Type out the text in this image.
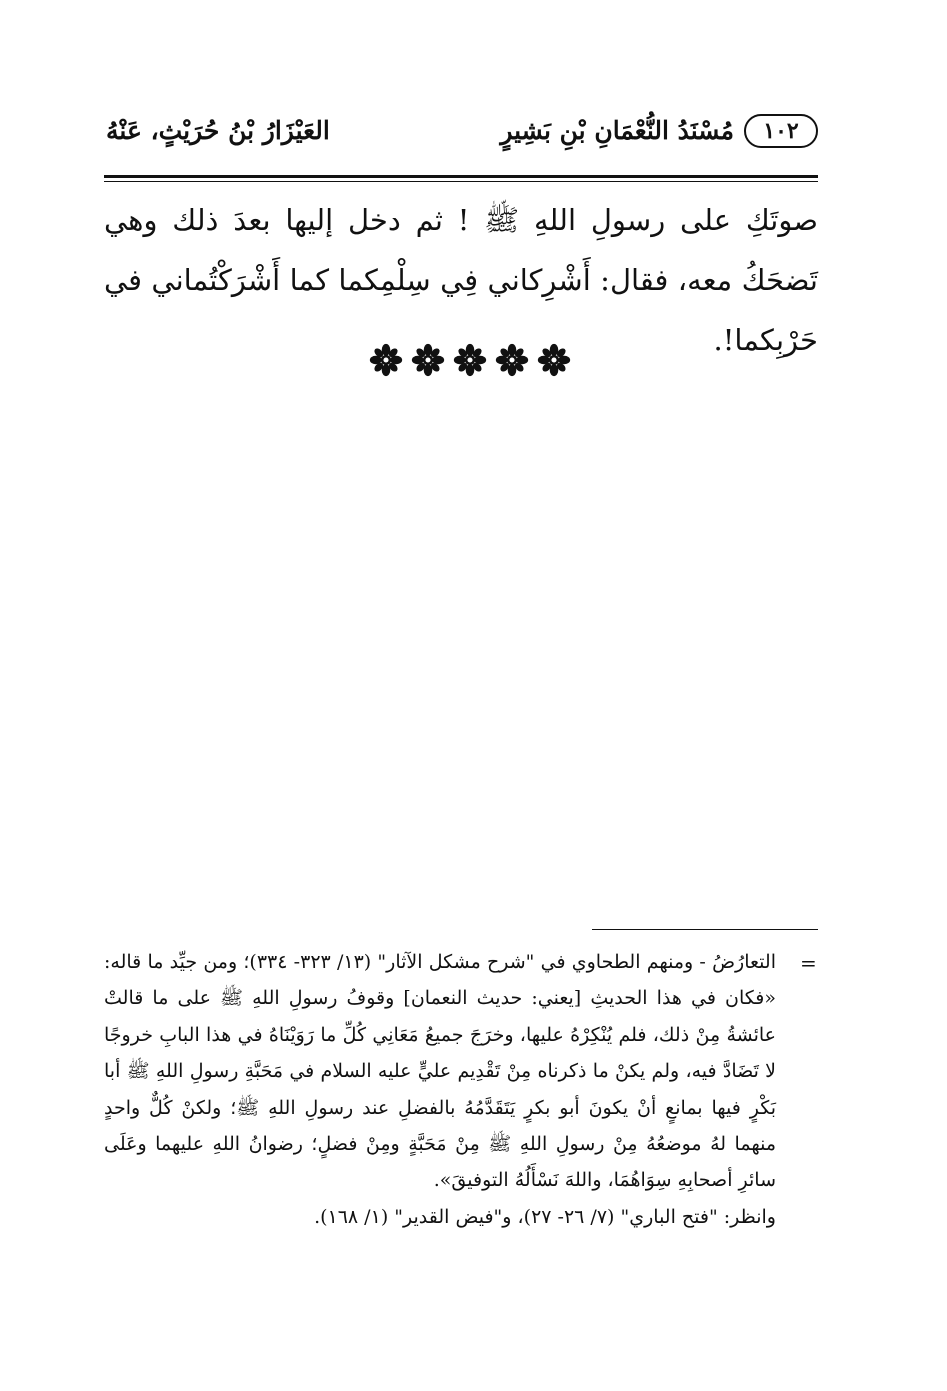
١٠٢
مُسْنَدُ النُّعْمَانِ بْنِ بَشِيرٍ
العَيْزَارُ بْنُ حُرَيْثٍ، عَنْهُ
صوتَكِ على رسولِ اللهِ ﷺ ! ثم دخل إليها بعدَ ذلك وهي تَضحَكُ معه، فقال: أَشْرِكاني فِي سِلْمِكما كما أَشْرَكْتُماني في حَرْبِكما!.
=

التعارُضُ - ومنهم الطحاوي في "شرح مشكل الآثار" (١٣/ ٣٢٣- ٣٣٤)؛ ومن جيِّد ما قاله: «فكان في هذا الحديثِ [يعني: حديث النعمان] وقوفُ رسولِ اللهِ ﷺ على ما قالتْ عائشةُ مِنْ ذلك، فلم يُنْكِرْهُ عليها، وخرَجَ جميعُ مَعَانِي كُلِّ ما رَوَيْنَاهُ في هذا البابِ خروجًا لا تَضَادَّ فيه، ولم يكنْ ما ذكرناه مِنْ تَقْدِيم عليٍّ عليه السلام في مَحَبَّةِ رسولِ اللهِ ﷺ أبا بَكْرٍ فيها بمانعٍ أنْ يكونَ أبو بكرٍ يَتَقَدَّمُهُ بالفضلِ عند رسولِ اللهِ ﷺ؛ ولكنْ كُلٌّ واحدٍ منهما لهُ موضعُهُ مِنْ رسولِ اللهِ ﷺ مِنْ مَحَبَّةٍ ومِنْ فضلٍ؛ رضوانُ اللهِ عليهما وعَلَى سائرِ أصحابِهِ سِوَاهُمَا، واللهَ نَسْأَلُهُ التوفيقَ».

وانظر: "فتح الباري" (٧/ ٢٦- ٢٧)، و"فيض القدير" (١/ ١٦٨).
